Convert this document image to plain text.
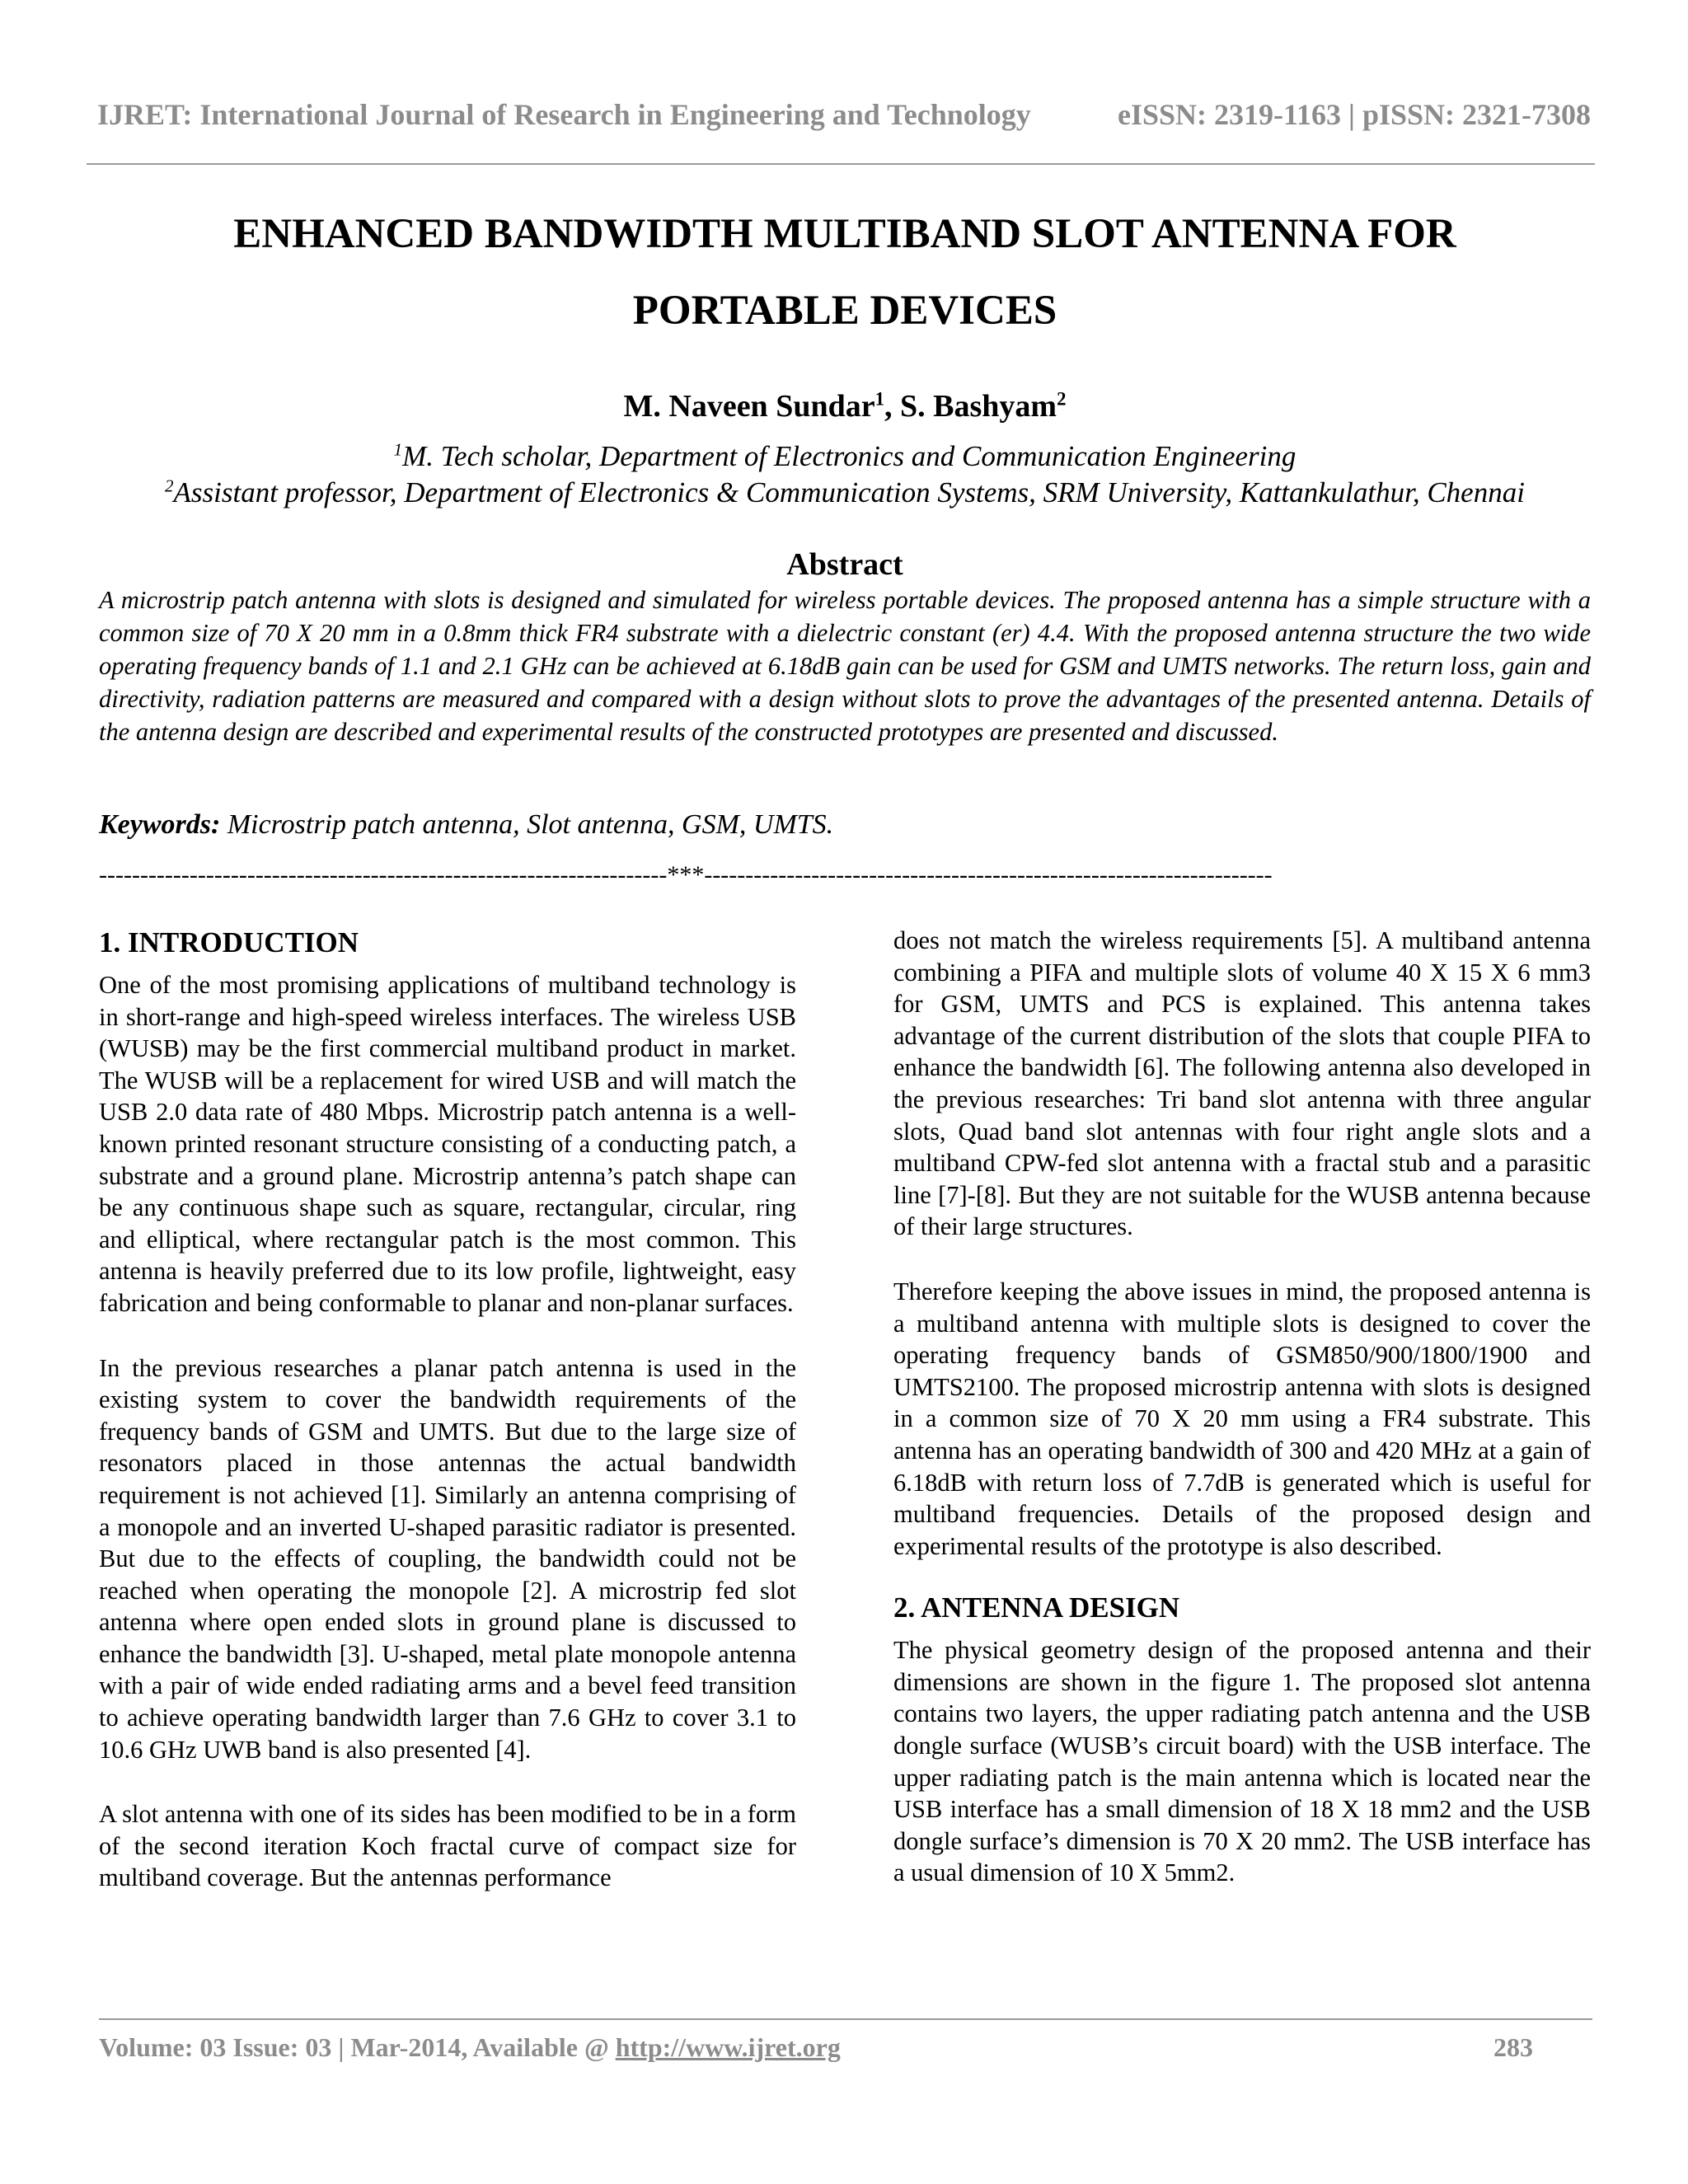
IJRET: International Journal of Research in Engineering and Technology	eISSN: 2319-1163 | pISSN: 2321-7308
ENHANCED BANDWIDTH MULTIBAND SLOT ANTENNA FOR
PORTABLE DEVICES
M. Naveen Sundar$^1$, S. Bashyam$^2$
$^1$M. Tech scholar, Department of Electronics and Communication Engineering
$^2$Assistant professor, Department of Electronics & Communication Systems, SRM University, Kattankulathur, Chennai
Abstract
A microstrip patch antenna with slots is designed and simulated for wireless portable devices. The proposed antenna has a simple structure with a common size of 70 X 20 mm in a 0.8mm thick FR4 substrate with a dielectric constant (er) 4.4. With the proposed antenna structure the two wide operating frequency bands of 1.1 and 2.1 GHz can be achieved at 6.18dB gain can be used for GSM and UMTS networks. The return loss, gain and directivity, radiation patterns are measured and compared with a design without slots to prove the advantages of the presented antenna. Details of the antenna design are described and experimental results of the constructed prototypes are presented and discussed.
Keywords: Microstrip patch antenna, Slot antenna, GSM, UMTS.
---------------------------------------------------------------------***---------------------------------------------------------------------
1. INTRODUCTION

One of the most promising applications of multiband technology is in short-range and high-speed wireless interfaces. The wireless USB (WUSB) may be the first commercial multiband product in market. The WUSB will be a replacement for wired USB and will match the USB 2.0 data rate of 480 Mbps. Microstrip patch antenna is a well-known printed resonant structure consisting of a conducting patch, a substrate and a ground plane. Microstrip antenna’s patch shape can be any continuous shape such as square, rectangular, circular, ring and elliptical, where rectangular patch is the most common. This antenna is heavily preferred due to its low profile, lightweight, easy fabrication and being conformable to planar and non-planar surfaces.

In the previous researches a planar patch antenna is used in the existing system to cover the bandwidth requirements of the frequency bands of GSM and UMTS. But due to the large size of resonators placed in those antennas the actual bandwidth requirement is not achieved [1]. Similarly an antenna comprising of a monopole and an inverted U-shaped parasitic radiator is presented. But due to the effects of coupling, the bandwidth could not be reached when operating the monopole [2]. A microstrip fed slot antenna where open ended slots in ground plane is discussed to enhance the bandwidth [3]. U-shaped, metal plate monopole antenna with a pair of wide ended radiating arms and a bevel feed transition to achieve operating bandwidth larger than 7.6 GHz to cover 3.1 to 10.6 GHz UWB band is also presented [4].

A slot antenna with one of its sides has been modified to be in a form of the second iteration Koch fractal curve of compact size for multiband coverage. But the antennas performance

does not match the wireless requirements [5]. A multiband antenna combining a PIFA and multiple slots of volume 40 X 15 X 6 mm3 for GSM, UMTS and PCS is explained. This antenna takes advantage of the current distribution of the slots that couple PIFA to enhance the bandwidth [6]. The following antenna also developed in the previous researches: Tri band slot antenna with three angular slots, Quad band slot antennas with four right angle slots and a multiband CPW-fed slot antenna with a fractal stub and a parasitic line [7]-[8]. But they are not suitable for the WUSB antenna because of their large structures.

Therefore keeping the above issues in mind, the proposed antenna is a multiband antenna with multiple slots is designed to cover the operating frequency bands of GSM850/900/1800/1900 and UMTS2100. The proposed microstrip antenna with slots is designed in a common size of 70 X 20 mm using a FR4 substrate. This antenna has an operating bandwidth of 300 and 420 MHz at a gain of 6.18dB with return loss of 7.7dB is generated which is useful for multiband frequencies. Details of the proposed design and experimental results of the prototype is also described.

2. ANTENNA DESIGN

The physical geometry design of the proposed antenna and their dimensions are shown in the figure 1. The proposed slot antenna contains two layers, the upper radiating patch antenna and the USB dongle surface (WUSB’s circuit board) with the USB interface. The upper radiating patch is the main antenna which is located near the USB interface has a small dimension of 18 X 18 mm2 and the USB dongle surface’s dimension is 70 X 20 mm2. The USB interface has a usual dimension of 10 X 5mm2.

Volume: 03 Issue: 03 | Mar-2014, Available @ http://www.ijret.org	283
